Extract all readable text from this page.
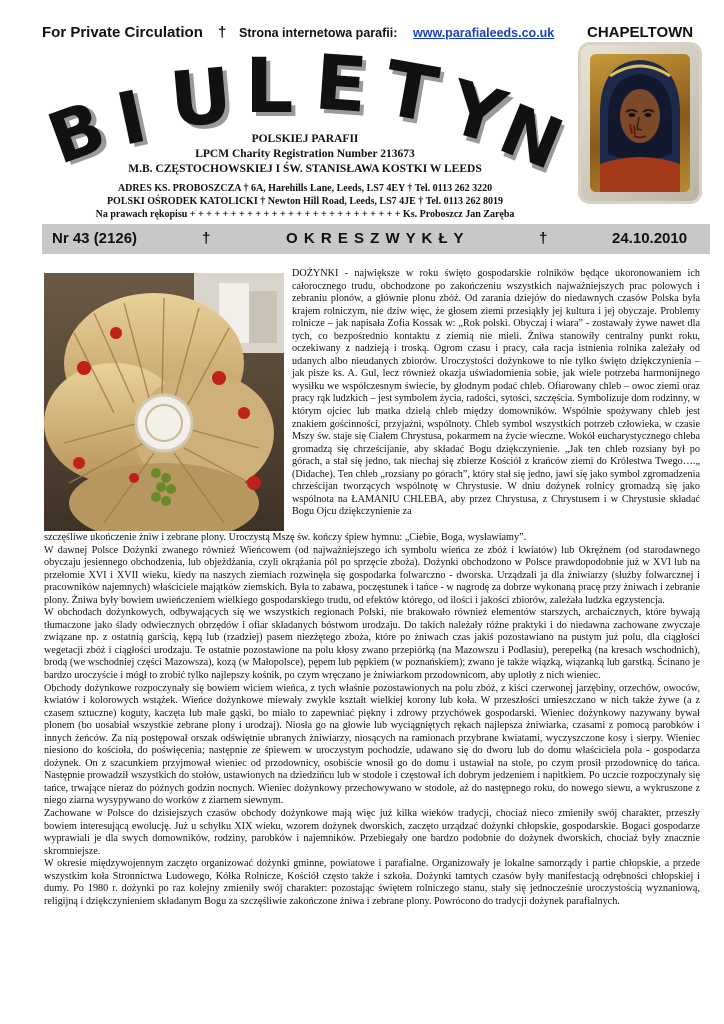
For Private Circulation † Strona internetowa parafii: www.parafialeeds.co.uk CHAPELTOWN
B
I U L E T
Y
N
POLSKIEJ PARAFII
LPCM Charity Registration Number 213673
M.B. CZĘSTOCHOWSKIEJ I ŚW. STANISŁAWA KOSTKI W LEEDS
ADRES KS. PROBOSZCZA † 6A, Harehills Lane, Leeds, LS7 4EY † Tel. 0113 262 3220
POLSKI OŚRODEK KATOLICKI † Newton Hill Road, Leeds, LS7 4JE † Tel. 0113 262 8019
Na prawach rękopisu + + + + + + + + + + + + + + + + + + + + + + + + + + Ks. Proboszcz Jan Zaręba
Nr 43 (2126)	†	O K R E S Z W Y K Ł Y	†	24.10.2010

DOŻYNKI - największe w roku święto gospodarskie rolników będące ukoronowaniem ich całorocznego trudu, obchodzone po zakończeniu wszystkich najważniejszych prac polowych i zebraniu plonów, a głównie plonu zbóż. Od zarania dziejów do niedawnych czasów Polska była krajem rolniczym, nie dziw więc, że głosem ziemi przesiąkły jej kultura i jej obyczaje. Problemy rolnicze – jak napisała Zofia Kossak w: „Rok polski. Obyczaj i wiara” - zostawały żywe nawet dla tych, co bezpośrednio kontaktu z ziemią nie mieli. Żniwa stanowiły centralny punkt roku, oczekiwany z nadzieją i troską. Ogrom czasu i pracy, cała racja istnienia rolnika zależały od udanych albo nieudanych zbiorów. Uroczystości dożynkowe to nie tylko święto dziękczynienia – jak pisze ks. A. Gul, lecz również okazja uświadomienia sobie, jak wiele potrzeba harmonijnego wysiłku we współczesnym świecie, by głodnym podać chleb. Ofiarowany chleb – owoc ziemi oraz pracy rąk ludzkich – jest symbolem życia, radości, sytości, szczęścia. Symbolizuje dom rodzinny, w którym ojciec lub matka dzielą chleb między domowników. Wspólnie spożywany chleb jest znakiem gościnności, przyjaźni, wspólnoty. Chleb symbol wszystkich potrzeb człowieka, w czasie Mszy św. staje się Ciałem Chrystusa, pokarmem na życie wieczne. Wokół eucharystycznego chleba gromadzą się chrześcijanie, aby składać Bogu dziękczynienie. „Jak ten chleb rozsiany był po górach, a stał się jedno, tak niechaj się zbierze Kościół z krańców ziemi do Królestwa Twego….„ (Didache). Ten chleb „rozsiany po górach”, który stał się jedno, jawi się jako symbol zgromadzenia chrześcijan tworzących wspólnotę w Chrystusie. W dniu dożynek rolnicy gromadzą się jako wspólnota na ŁAMANIU CHLEBA, aby przez Chrystusa, z Chrystusem i w Chrystusie składać Bogu Ojcu dziękczynienie za

szczęśliwe ukończenie żniw i zebrane plony. Uroczystą Mszę św. kończy śpiew hymnu: „Ciebie, Boga, wysławiamy”.

W dawnej Polsce Dożynki zwanego również Wieńcowem (od najważniejszego ich symbolu wieńca ze zbóż i kwiatów) lub Okrężnem (od starodawnego obyczaju jesiennego obchodzenia, lub objeżdżania, czyli okrążania pól po sprzęcie zboża). Dożynki obchodzono w Polsce prawdopodobnie już w XVI lub na przełomie XVI i XVII wieku, kiedy na naszych ziemiach rozwinęła się gospodarka folwarczno - dworska. Urządzali ja dla żniwiarzy (służby folwarcznej i pracowników najemnych) właściciele majątków ziemskich. Była to zabawa, poczęstunek i tańce - w nagrodę za dobrze wykonaną pracę przy żniwach i zebranie plony. Żniwa były bowiem uwieńczeniem wielkiego gospodarskiego trudu, od efektów którego, od ilości i jakości zbiorów, zależała ludzka egzystencja.

W obchodach dożynkowych, odbywających się we wszystkich regionach Polski, nie brakowało również elementów starszych, archaicznych, które bywają tłumaczone jako ślady odwiecznych obrzędów i ofiar składanych bóstwom urodzaju. Do takich należały różne praktyki i do niedawna zachowane zwyczaje związane np. z ostatnią garścią, kępą lub (rzadziej) pasem niezżętego zboża, które po żniwach czas jakiś pozostawiano na pustym już polu, dla ciągłości wegetacji zbóż i ciągłości urodzaju. Te ostatnie pozostawione na polu kłosy zwano przepiórką (na Mazowszu i Podlasiu), perepełką (na kresach wschodnich), brodą (we wschodniej części Mazowsza), kozą (w Małopolsce), pępem lub pępkiem (w poznańskiem); zwano je także wiązką, wiązanką lub garstką. Ścinano je bardzo uroczyście i mógł to zrobić tylko najlepszy kośnik, po czym wręczano je żniwiarkom przodownicom, aby uplotły z nich wieniec.

Obchody dożynkowe rozpoczynały się bowiem wiciem wieńca, z tych właśnie pozostawionych na polu zbóż, z kiści czerwonej jarzębiny, orzechów, owoców, kwiatów i kolorowych wstążek. Wieńce dożynkowe miewały zwykle kształt wielkiej korony lub koła. W przeszłości umieszczano w nich także żywe (a z czasem sztuczne) koguty, kaczęta lub małe gąski, bo miało to zapewniać piękny i zdrowy przychówek gospodarski. Wieniec dożynkowy nazywany bywał plonem (bo uosabiał wszystkie zebrane plony i urodzaj). Niosła go na głowie lub wyciągniętych rękach najlepsza żniwiarka, czasami z pomocą parobków i innych żeńców. Za nią postępował orszak odświętnie ubranych żniwiarzy, niosących na ramionach przybrane kwiatami, wyczyszczone kosy i sierpy. Wieniec niesiono do kościoła, do poświęcenia; następnie ze śpiewem w uroczystym pochodzie, udawano się do dworu lub do domu właściciela pola - gospodarza dożynek. On z szacunkiem przyjmował wieniec od przodownicy, osobiście wnosił go do domu i ustawiał na stole, po czym prosił przodownicę do tańca. Następnie prowadził wszystkich do stołów, ustawionych na dziedzińcu lub w stodole i częstował ich dobrym jedzeniem i napitkiem. Po uczcie rozpoczynały się tańce, trwające nieraz do późnych godzin nocnych. Wieniec dożynkowy przechowywano w stodole, aż do następnego roku, do nowego siewu, a wykruszone z niego ziarna wysypywano do worków z ziarnem siewnym.

Zachowane w Polsce do dzisiejszych czasów obchody dożynkowe mają więc już kilka wieków tradycji, chociaż nieco zmieniły swój charakter, przeszły bowiem interesującą ewolucję. Już u schyłku XIX wieku, wzorem dożynek dworskich, zaczęto urządzać dożynki chłopskie, gospodarskie. Bogaci gospodarze wyprawiali je dla swych domowników, rodziny, parobków i najemników. Przebiegały one bardzo podobnie do dożynek dworskich, chociaż były znacznie skromniejsze.

W okresie międzywojennym zaczęto organizować dożynki gminne, powiatowe i parafialne. Organizowały je lokalne samorządy i partie chłopskie, a przede wszystkim koła Stronnictwa Ludowego, Kółka Rolnicze, Kościół często także i szkoła. Dożynki tamtych czasów były manifestacją odrębności chłopskiej i dumy. Po 1980 r. dożynki po raz kolejny zmieniły swój charakter: pozostając świętem rolniczego stanu, stały się jednocześnie uroczystością wyznaniową, religijną i dziękczynieniem składanym Bogu za szczęśliwie zakończone żniwa i zebrane plony. Powrócono do tradycji dożynek parafialnych.
